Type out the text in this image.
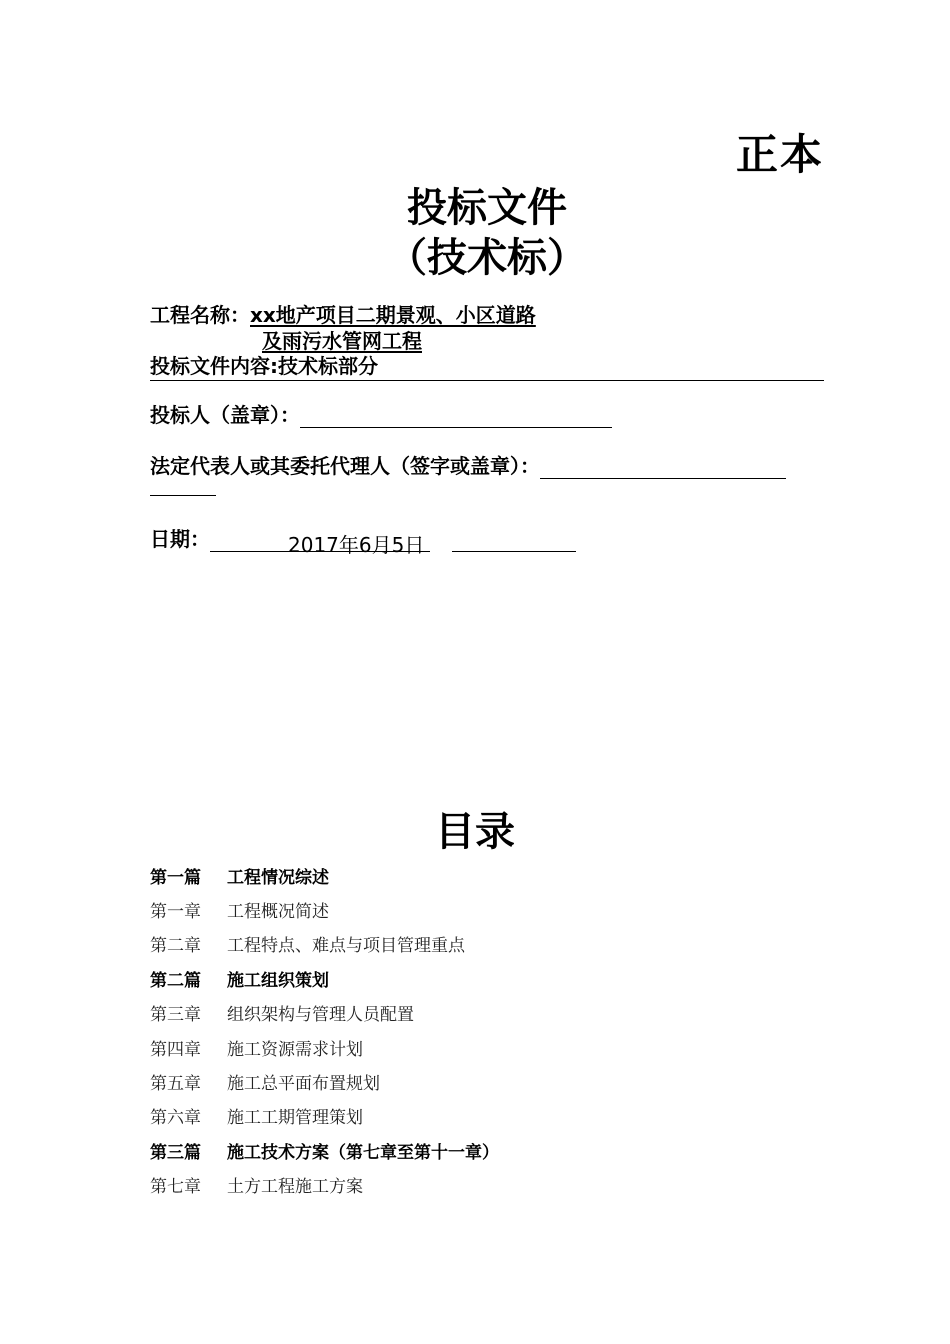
正本
投标文件
（技术标）
工程名称：xx地产项目二期景观、小区道路
及雨污水管网工程
投标文件内容:技术标部分
投标人（盖章）：
法定代表人或其委托代理人（签字或盖章）：
日期：	2017年6月5日
目录
第一篇	工程情况综述
第一章	工程概况简述
第二章	工程特点、难点与项目管理重点
第二篇	施工组织策划
第三章	组织架构与管理人员配置
第四章	施工资源需求计划
第五章	施工总平面布置规划
第六章	施工工期管理策划
第三篇	施工技术方案（第七章至第十一章）
第七章	土方工程施工方案
